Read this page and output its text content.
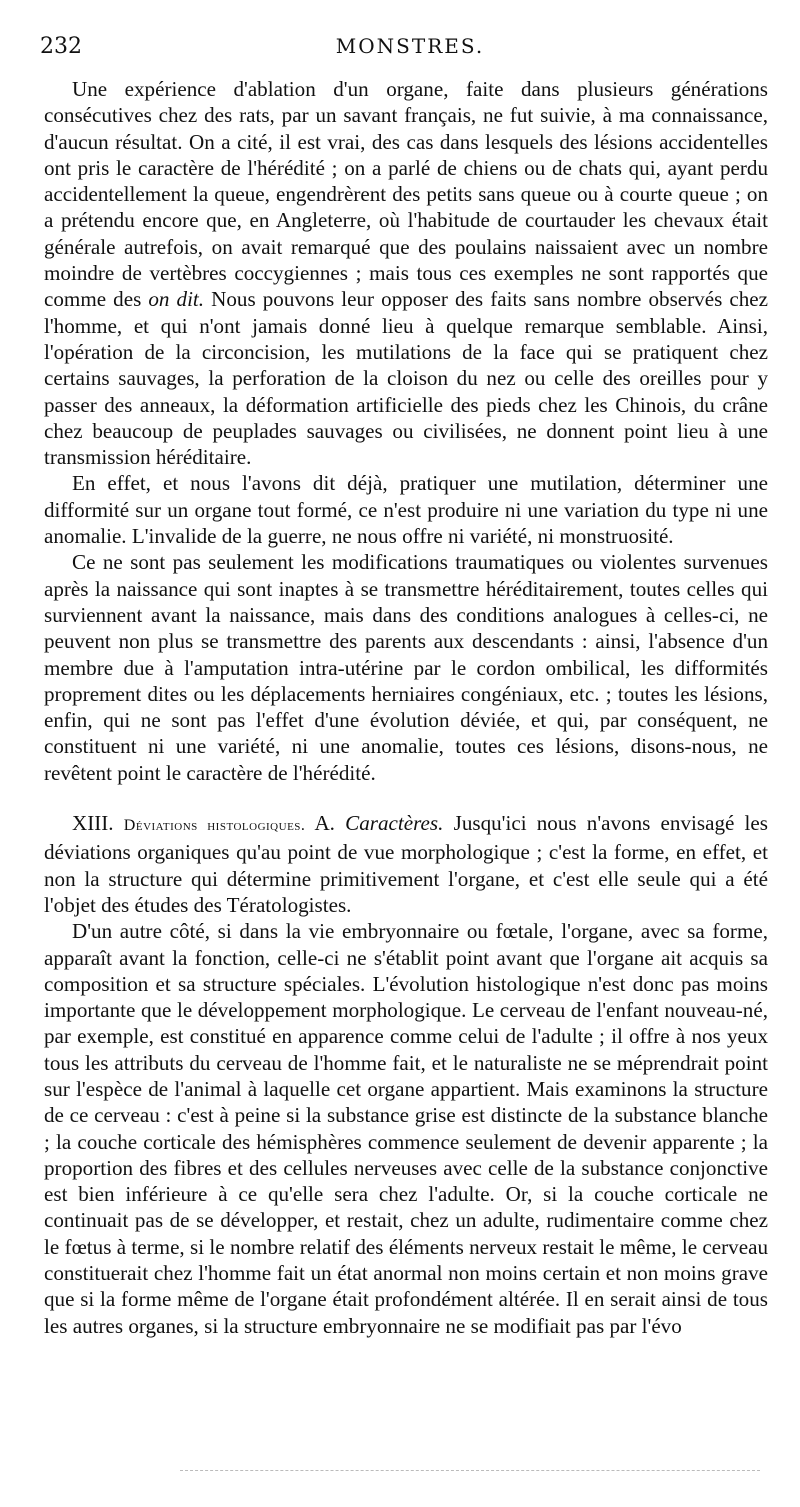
232	MONSTRES.

Une expérience d'ablation d'un organe, faite dans plusieurs générations consécutives chez des rats, par un savant français, ne fut suivie, à ma connaissance, d'aucun résultat. On a cité, il est vrai, des cas dans lesquels des lésions accidentelles ont pris le caractère de l'hérédité ; on a parlé de chiens ou de chats qui, ayant perdu accidentellement la queue, engendrèrent des petits sans queue ou à courte queue ; on a prétendu encore que, en Angleterre, où l'habitude de courtauder les chevaux était générale autrefois, on avait remarqué que des poulains naissaient avec un nombre moindre de vertèbres coccygiennes ; mais tous ces exemples ne sont rapportés que comme des on dit. Nous pouvons leur opposer des faits sans nombre observés chez l'homme, et qui n'ont jamais donné lieu à quelque remarque semblable. Ainsi, l'opération de la circoncision, les mutilations de la face qui se pratiquent chez certains sauvages, la perforation de la cloison du nez ou celle des oreilles pour y passer des anneaux, la déformation artificielle des pieds chez les Chinois, du crâne chez beaucoup de peuplades sauvages ou civilisées, ne donnent point lieu à une transmission héréditaire.

En effet, et nous l'avons dit déjà, pratiquer une mutilation, déterminer une difformité sur un organe tout formé, ce n'est produire ni une variation du type ni une anomalie. L'invalide de la guerre, ne nous offre ni variété, ni monstruosité.

Ce ne sont pas seulement les modifications traumatiques ou violentes survenues après la naissance qui sont inaptes à se transmettre héréditairement, toutes celles qui surviennent avant la naissance, mais dans des conditions analogues à celles-ci, ne peuvent non plus se transmettre des parents aux descendants : ainsi, l'absence d'un membre due à l'amputation intra-utérine par le cordon ombilical, les difformités proprement dites ou les déplacements herniaires congéniaux, etc. ; toutes les lésions, enfin, qui ne sont pas l'effet d'une évolution déviée, et qui, par conséquent, ne constituent ni une variété, ni une anomalie, toutes ces lésions, disons-nous, ne revêtent point le caractère de l'hérédité.

XIII. Déviations histologiques. A. Caractères. Jusqu'ici nous n'avons envisagé les déviations organiques qu'au point de vue morphologique ; c'est la forme, en effet, et non la structure qui détermine primitivement l'organe, et c'est elle seule qui a été l'objet des études des Tératologistes.

D'un autre côté, si dans la vie embryonnaire ou fœtale, l'organe, avec sa forme, apparaît avant la fonction, celle-ci ne s'établit point avant que l'organe ait acquis sa composition et sa structure spéciales. L'évolution histologique n'est donc pas moins importante que le développement morphologique. Le cerveau de l'enfant nouveau-né, par exemple, est constitué en apparence comme celui de l'adulte ; il offre à nos yeux tous les attributs du cerveau de l'homme fait, et le naturaliste ne se méprendrait point sur l'espèce de l'animal à laquelle cet organe appartient. Mais examinons la structure de ce cerveau : c'est à peine si la substance grise est distincte de la substance blanche ; la couche corticale des hémisphères commence seulement de devenir apparente ; la proportion des fibres et des cellules nerveuses avec celle de la substance conjonctive est bien inférieure à ce qu'elle sera chez l'adulte. Or, si la couche corticale ne continuait pas de se développer, et restait, chez un adulte, rudimentaire comme chez le fœtus à terme, si le nombre relatif des éléments nerveux restait le même, le cerveau constituerait chez l'homme fait un état anormal non moins certain et non moins grave que si la forme même de l'organe était profondément altérée. Il en serait ainsi de tous les autres organes, si la structure embryonnaire ne se modifiait pas par l'évo
